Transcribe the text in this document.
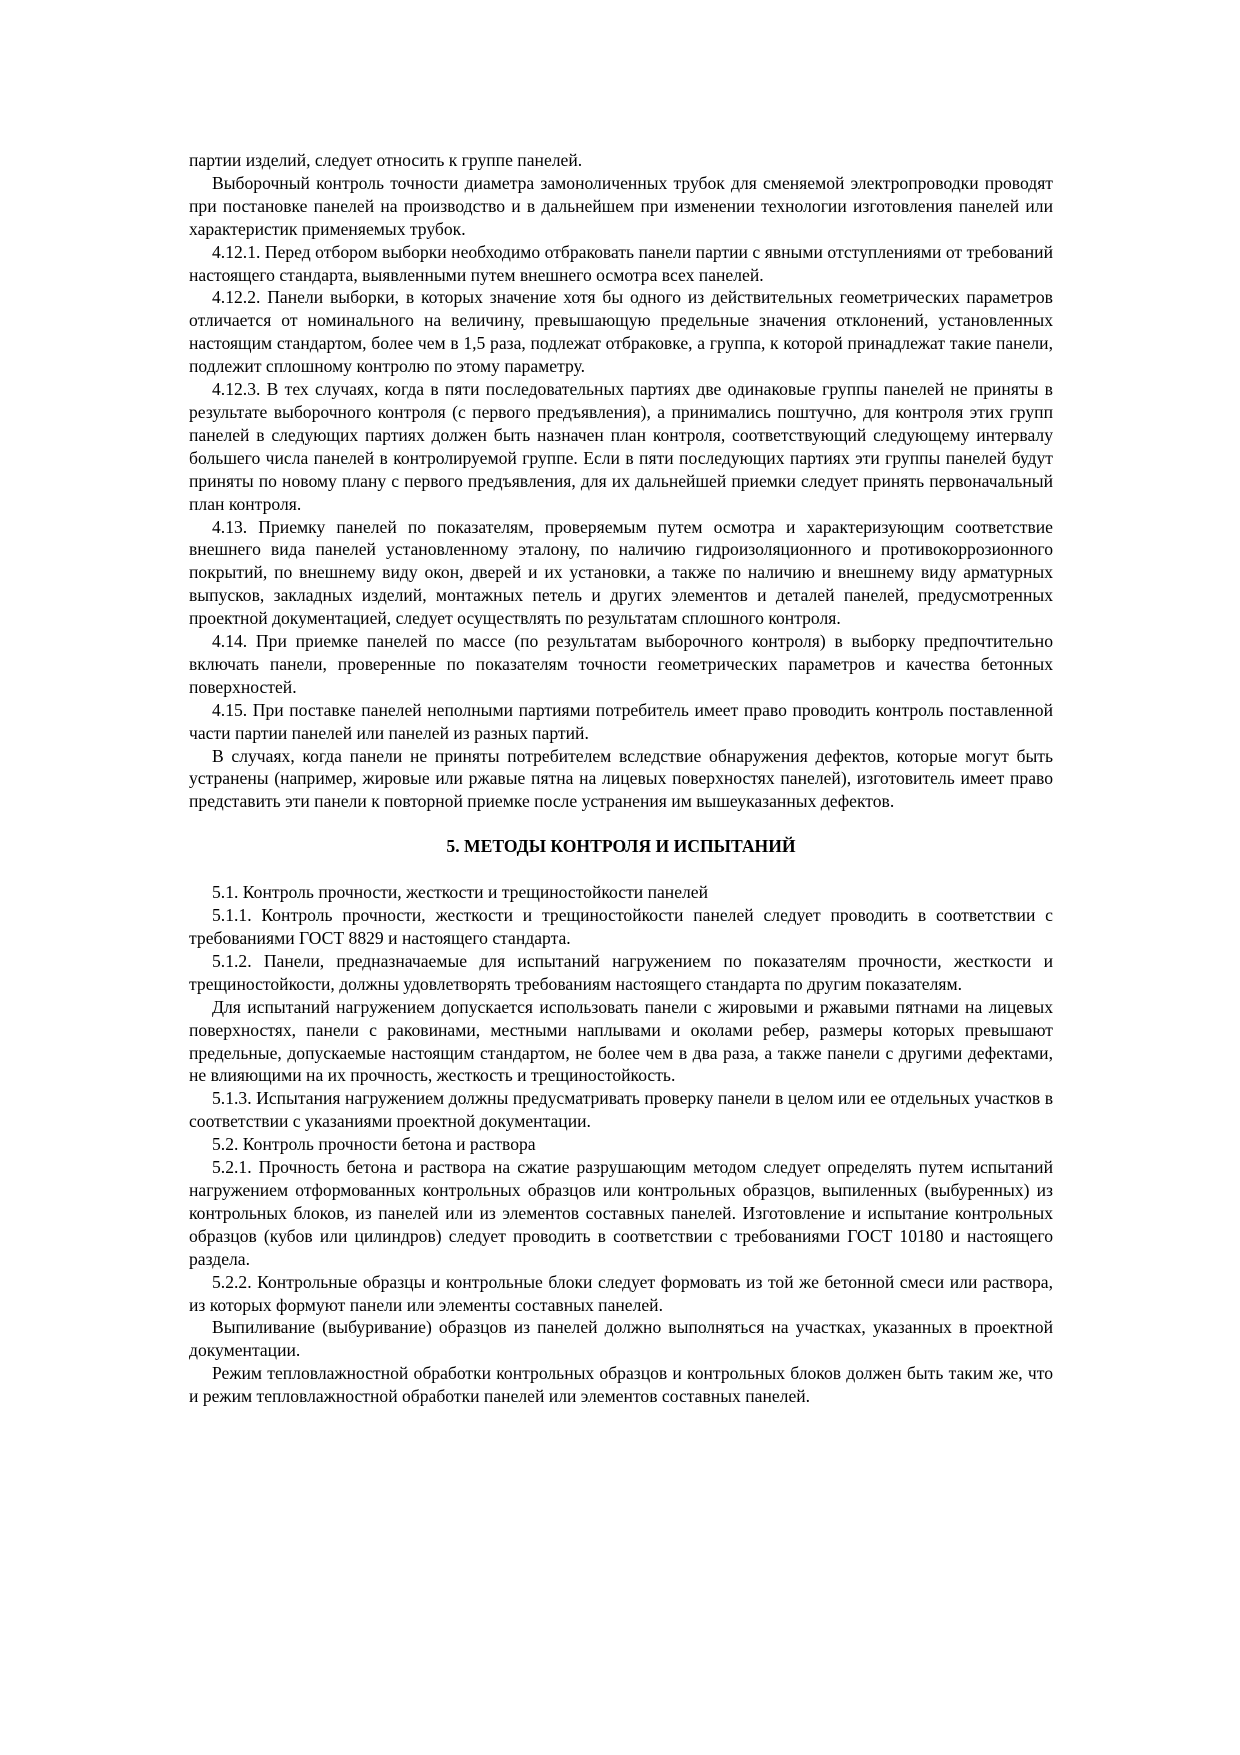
партии изделий, следует относить к группе панелей.

Выборочный контроль точности диаметра замоноличенных трубок для сменяемой электропроводки проводят при постановке панелей на производство и в дальнейшем при изменении технологии изготовления панелей или характеристик применяемых трубок.

4.12.1. Перед отбором выборки необходимо отбраковать панели партии с явными отступлениями от требований настоящего стандарта, выявленными путем внешнего осмотра всех панелей.

4.12.2. Панели выборки, в которых значение хотя бы одного из действительных геометрических параметров отличается от номинального на величину, превышающую предельные значения отклонений, установленных настоящим стандартом, более чем в 1,5 раза, подлежат отбраковке, а группа, к которой принадлежат такие панели, подлежит сплошному контролю по этому параметру.

4.12.3. В тех случаях, когда в пяти последовательных партиях две одинаковые группы панелей не приняты в результате выборочного контроля (с первого предъявления), а принимались поштучно, для контроля этих групп панелей в следующих партиях должен быть назначен план контроля, соответствующий следующему интервалу большего числа панелей в контролируемой группе. Если в пяти последующих партиях эти группы панелей будут приняты по новому плану с первого предъявления, для их дальнейшей приемки следует принять первоначальный план контроля.

4.13. Приемку панелей по показателям, проверяемым путем осмотра и характеризующим соответствие внешнего вида панелей установленному эталону, по наличию гидроизоляционного и противокоррозионного покрытий, по внешнему виду окон, дверей и их установки, а также по наличию и внешнему виду арматурных выпусков, закладных изделий, монтажных петель и других элементов и деталей панелей, предусмотренных проектной документацией, следует осуществлять по результатам сплошного контроля.

4.14. При приемке панелей по массе (по результатам выборочного контроля) в выборку предпочтительно включать панели, проверенные по показателям точности геометрических параметров и качества бетонных поверхностей.

4.15. При поставке панелей неполными партиями потребитель имеет право проводить контроль поставленной части партии панелей или панелей из разных партий.

В случаях, когда панели не приняты потребителем вследствие обнаружения дефектов, которые могут быть устранены (например, жировые или ржавые пятна на лицевых поверхностях панелей), изготовитель имеет право представить эти панели к повторной приемке после устранения им вышеуказанных дефектов.

5. МЕТОДЫ КОНТРОЛЯ И ИСПЫТАНИЙ

5.1. Контроль прочности, жесткости и трещиностойкости панелей

5.1.1. Контроль прочности, жесткости и трещиностойкости панелей следует проводить в соответствии с требованиями ГОСТ 8829 и настоящего стандарта.

5.1.2. Панели, предназначаемые для испытаний нагружением по показателям прочности, жесткости и трещиностойкости, должны удовлетворять требованиям настоящего стандарта по другим показателям.

Для испытаний нагружением допускается использовать панели с жировыми и ржавыми пятнами на лицевых поверхностях, панели с раковинами, местными наплывами и околами ребер, размеры которых превышают предельные, допускаемые настоящим стандартом, не более чем в два раза, а также панели с другими дефектами, не влияющими на их прочность, жесткость и трещиностойкость.

5.1.3. Испытания нагружением должны предусматривать проверку панели в целом или ее отдельных участков в соответствии с указаниями проектной документации.

5.2. Контроль прочности бетона и раствора

5.2.1. Прочность бетона и раствора на сжатие разрушающим методом следует определять путем испытаний нагружением отформованных контрольных образцов или контрольных образцов, выпиленных (выбуренных) из контрольных блоков, из панелей или из элементов составных панелей. Изготовление и испытание контрольных образцов (кубов или цилиндров) следует проводить в соответствии с требованиями ГОСТ 10180 и настоящего раздела.

5.2.2. Контрольные образцы и контрольные блоки следует формовать из той же бетонной смеси или раствора, из которых формуют панели или элементы составных панелей.

Выпиливание (выбуривание) образцов из панелей должно выполняться на участках, указанных в проектной документации.

Режим тепловлажностной обработки контрольных образцов и контрольных блоков должен быть таким же, что и режим тепловлажностной обработки панелей или элементов составных панелей.
